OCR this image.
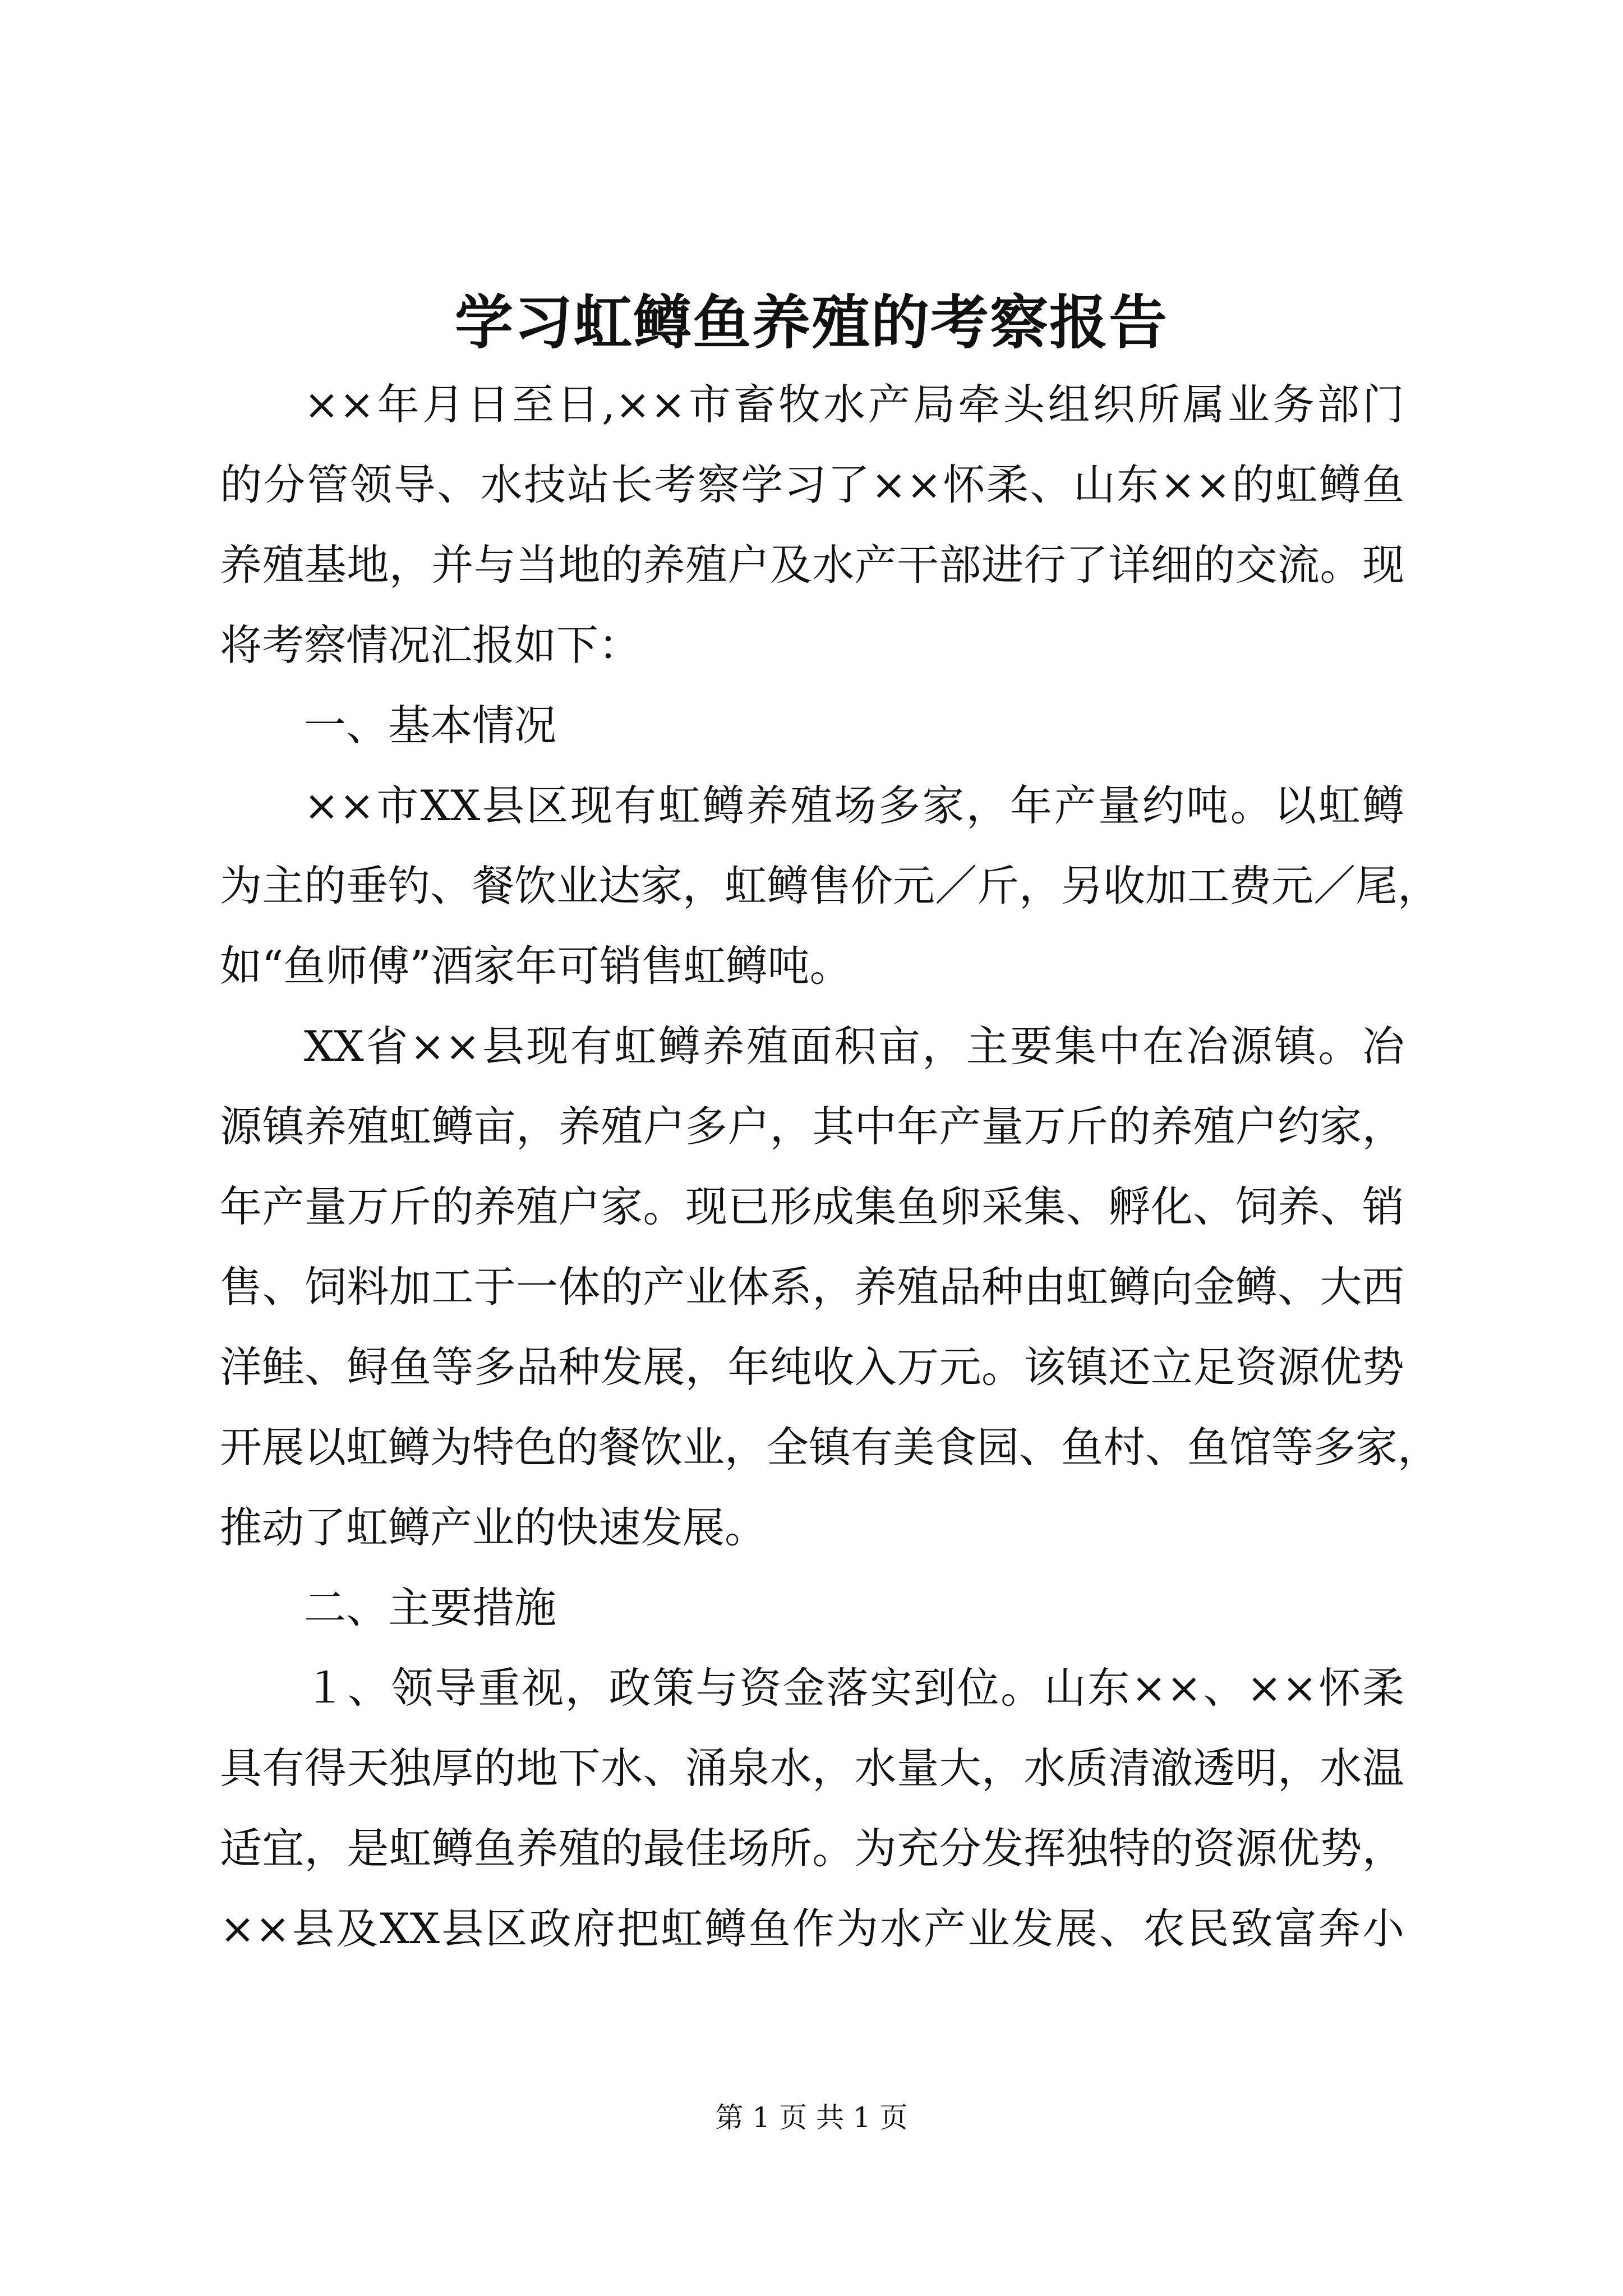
学习虹鳟鱼养殖的考察报告
××年月日至日,××市畜牧水产局牵头组织所属业务部门
的分管领导、水技站长考察学习了××怀柔、山东××的虹鳟鱼
养殖基地，并与当地的养殖户及水产干部进行了详细的交流。现
将考察情况汇报如下：
一、基本情况
××市XX县区现有虹鳟养殖场多家，年产量约吨。以虹鳟
为主的垂钓、餐饮业达家，虹鳟售价元／斤，另收加工费元／尾，
如“鱼师傅”酒家年可销售虹鳟吨。
XX省××县现有虹鳟养殖面积亩，主要集中在冶源镇。冶
源镇养殖虹鳟亩，养殖户多户，其中年产量万斤的养殖户约家，
年产量万斤的养殖户家。现已形成集鱼卵采集、孵化、饲养、销
售、饲料加工于一体的产业体系，养殖品种由虹鳟向金鳟、大西
洋鲑、鲟鱼等多品种发展，年纯收入万元。该镇还立足资源优势
开展以虹鳟为特色的餐饮业，全镇有美食园、鱼村、鱼馆等多家，
推动了虹鳟产业的快速发展。
二、主要措施
１、领导重视，政策与资金落实到位。山东××、××怀柔
具有得天独厚的地下水、涌泉水，水量大，水质清澈透明，水温
适宜，是虹鳟鱼养殖的最佳场所。为充分发挥独特的资源优势，
××县及XX县区政府把虹鳟鱼作为水产业发展、农民致富奔小
第 1 页 共 1 页
